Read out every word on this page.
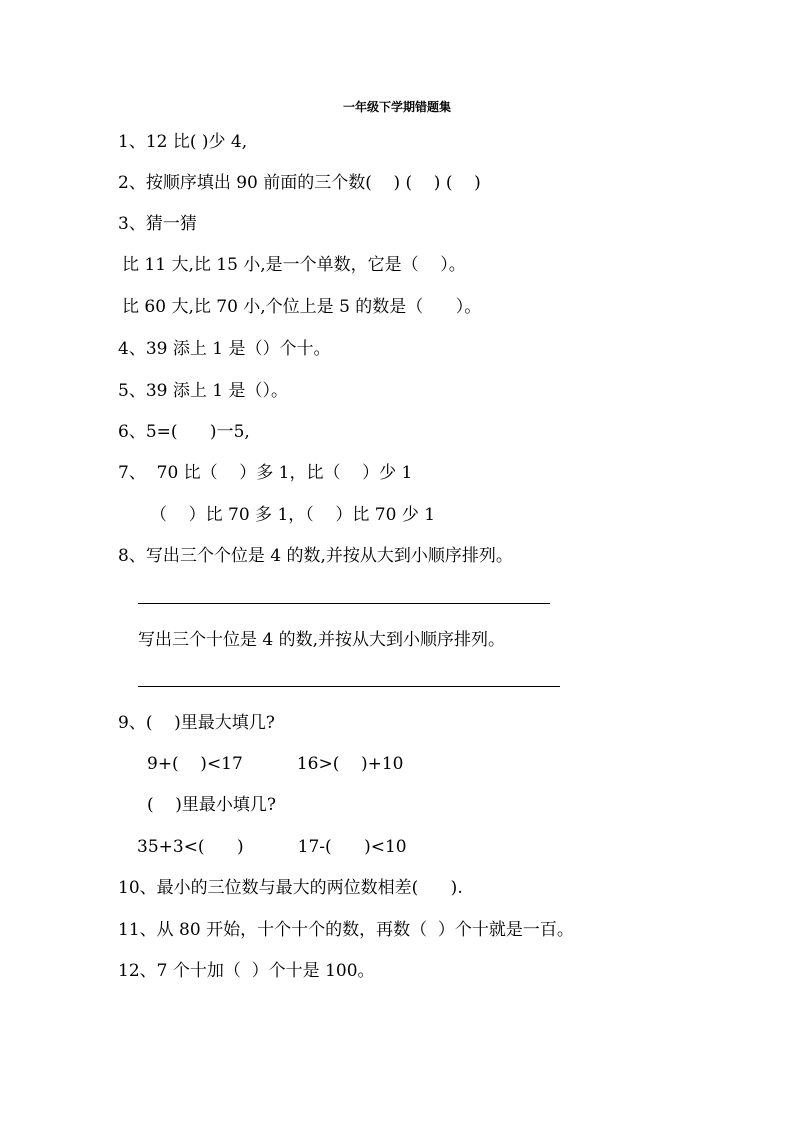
一年级下学期错题集
1、12 比( )少 4,
2、按顺序填出 90 前面的三个数(    ) (    ) (    )
3、猜一猜
比 11 大,比 15 小,是一个单数，它是（    ）。
比 60 大,比 70 小,个位上是 5 的数是（      ）。
4、39 添上 1 是（）个十。
5、39 添上 1 是（）。
6、5=(      )一5,
7、  70 比（    ）多 1，比（    ）少 1
（    ）比 70 多 1，（    ）比 70 少 1
8、写出三个个位是 4 的数,并按从大到小顺序排列。
写出三个十位是 4 的数,并按从大到小顺序排列。
9、(    )里最大填几?
9+(    )<17          16>(    )+10
(    )里最小填几?
35+3<(      )          17-(      )<10
10、最小的三位数与最大的两位数相差(      ).
11、从 80 开始，十个十个的数，再数（  ）个十就是一百。
12、7 个十加（  ）个十是 100。
